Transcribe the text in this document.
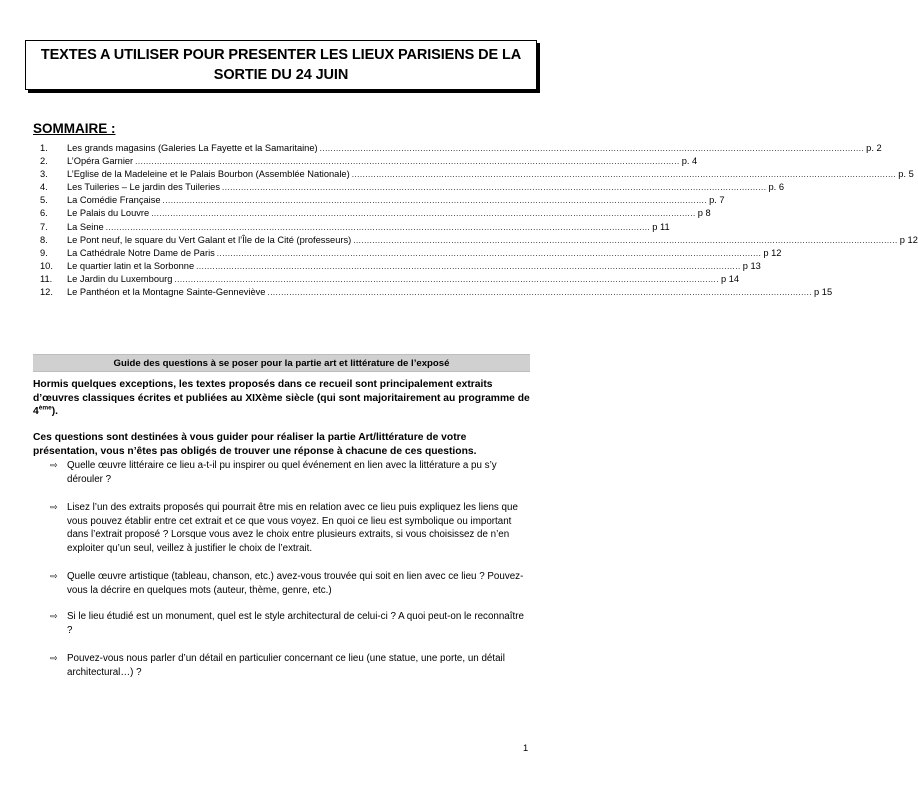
TEXTES A UTILISER POUR PRESENTER LES LIEUX PARISIENS DE LA SORTIE DU 24 JUIN
SOMMAIRE :
1.	Les grands magasins (Galeries La Fayette et la Samaritaine) ........................................................................................................................................................................................................ p. 2
2.	L’Opéra Garnier ........................................................................................................................................................................................................ p. 4
3.	L’Eglise de la Madeleine et le Palais Bourbon (Assemblée Nationale) ........................................................................................................................................................................................................ p. 5
4.	Les Tuileries – Le jardin des Tuileries ........................................................................................................................................................................................................ p. 6
5.	La Comédie Française ........................................................................................................................................................................................................ p. 7
6.	Le Palais du Louvre ........................................................................................................................................................................................................ p 8
7.	La Seine ........................................................................................................................................................................................................ p 11
8.	Le Pont neuf, le square du Vert Galant et l’Île de la Cité (professeurs) ........................................................................................................................................................................................................ p 12
9.	La Cathédrale Notre Dame de Paris ........................................................................................................................................................................................................ p 12
10.	Le quartier latin et la Sorbonne ........................................................................................................................................................................................................ p 13
11.	Le Jardin du Luxembourg ........................................................................................................................................................................................................ p 14
12.	Le Panthéon et la Montagne Sainte-Gennevièvе ........................................................................................................................................................................................................ p 15
Guide des questions à se poser pour la partie art et littérature de l’exposé
Hormis quelques exceptions, les textes proposés dans ce recueil sont principalement extraits d’œuvres classiques écrites et publiées au XIXème siècle (qui sont majoritairement au programme de 4ème).
Ces questions sont destinées à vous guider pour réaliser la partie Art/littérature de votre présentation, vous n’êtes pas obligés de trouver une réponse à chacune de ces questions.
⇨ Quelle œuvre littéraire ce lieu a-t-il pu inspirer ou quel événement en lien avec la littérature a pu s’y dérouler ?
⇨ Lisez l’un des extraits proposés qui pourrait être mis en relation avec ce lieu puis expliquez les liens que vous pouvez établir entre cet extrait et ce que vous voyez. En quoi ce lieu est symbolique ou important dans l’extrait proposé ? Lorsque vous avez le choix entre plusieurs extraits, si vous choisissez de n’en exploiter qu’un seul, veillez à justifier le choix de l’extrait.
⇨ Quelle œuvre artistique (tableau, chanson, etc.) avez-vous trouvée qui soit en lien avec ce lieu ? Pouvez-vous la décrire en quelques mots (auteur, thème, genre, etc.)
⇨ Si le lieu étudié est un monument, quel est le style architectural de celui-ci ? A quoi peut-on le reconnaître ?
⇨ Pouvez-vous nous parler d’un détail en particulier concernant ce lieu (une statue, une porte, un détail architectural…) ?
1
